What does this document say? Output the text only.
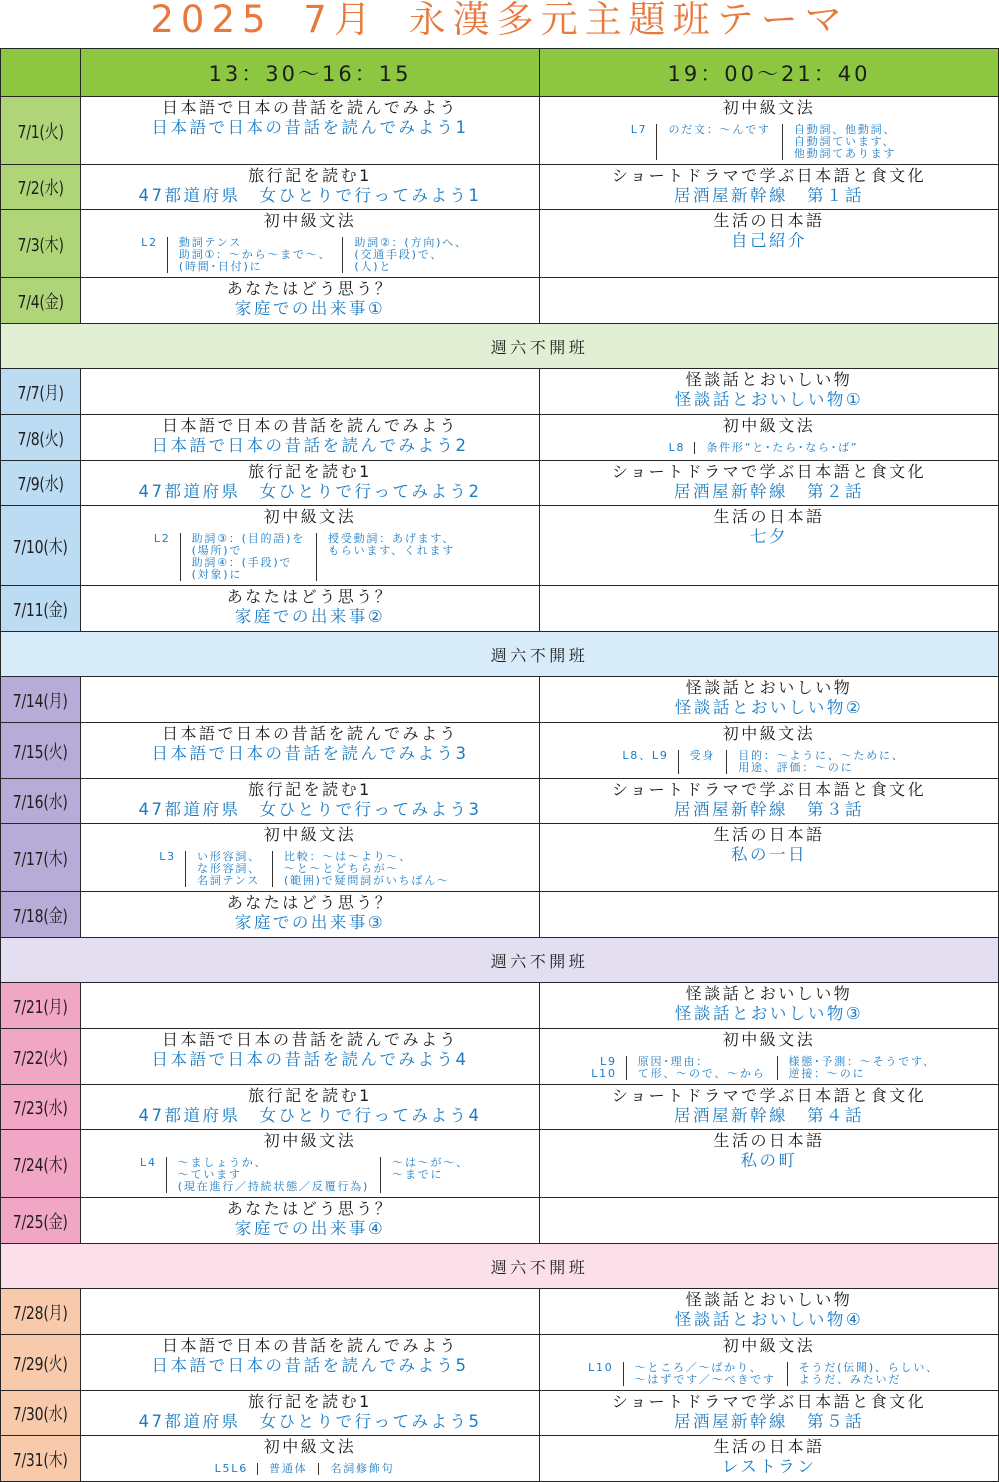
2025 7月 永漢多元主題班テーマ
13：30～16：15	19：00～21：40
7/1(火)
日本語で日本の昔話を読んでみよう
日本語で日本の昔話を読んでみよう1
初中級文法
L7 のだ文：～んです 自動詞、他動詞、
自動詞ています、
他動詞てあります
7/2(水)
旅行記を読む1
47都道府県　女ひとりで行ってみよう1
ショートドラマで学ぶ日本語と食文化
居酒屋新幹線　第１話
7/3(木)
初中級文法
L2 動詞テンス
助詞①：～から～まで～、
(時間･日付)に
助詞②：(方向)へ、
(交通手段)で、
(人)と
生活の日本語
自己紹介
7/4(金)
あなたはどう思う？
家庭での出来事①
週六不開班
7/7(月)
怪談話とおいしい物
怪談話とおいしい物①
7/8(火)
日本語で日本の昔話を読んでみよう
日本語で日本の昔話を読んでみよう2
初中級文法
L8 条件形“と･たら･なら･ば”
7/9(水)
旅行記を読む1
47都道府県　女ひとりで行ってみよう2
ショートドラマで学ぶ日本語と食文化
居酒屋新幹線　第２話
7/10(木)
初中級文法
L2 助詞③：(目的語)を
(場所)で
助詞④：(手段)で
(対象)に
授受動詞：あげます、
もらいます、くれます
生活の日本語
七夕
7/11(金)
あなたはどう思う？
家庭での出来事②
週六不開班
7/14(月)
怪談話とおいしい物
怪談話とおいしい物②
7/15(火)
日本語で日本の昔話を読んでみよう
日本語で日本の昔話を読んでみよう3
初中級文法
L8、L9 受身 目的：～ように、～ために、
用途、評価：～のに
7/16(水)
旅行記を読む1
47都道府県　女ひとりで行ってみよう3
ショートドラマで学ぶ日本語と食文化
居酒屋新幹線　第３話
7/17(木)
初中級文法
L3 い形容詞、
な形容詞、
名詞テンス
比較：～は～より～、
～と～とどちらが～
(範囲)で疑問詞がいちばん～
生活の日本語
私の一日
7/18(金)
あなたはどう思う？
家庭での出来事③
週六不開班
7/21(月)
怪談話とおいしい物
怪談話とおいしい物③
7/22(火)
日本語で日本の昔話を読んでみよう
日本語で日本の昔話を読んでみよう4
初中級文法
L9
L10
原因･理由：
て形、～ので、～から
様態･予測：～そうです、
逆接：～のに
7/23(水)
旅行記を読む1
47都道府県　女ひとりで行ってみよう4
ショートドラマで学ぶ日本語と食文化
居酒屋新幹線　第４話
7/24(木)
初中級文法
L4 ～ましょうか、
～ています
(現在進行／持続状態／反覆行為)
～は～が～、
～までに
生活の日本語
私の町
7/25(金)
あなたはどう思う？
家庭での出来事④
週六不開班
7/28(月)
怪談話とおいしい物
怪談話とおいしい物④
7/29(火)
日本語で日本の昔話を読んでみよう
日本語で日本の昔話を読んでみよう5
初中級文法
L10 ～ところ／～ばかり、
～はずです／～べきです
そうだ(伝聞)、らしい、
ようだ、みたいだ
7/30(水)
旅行記を読む1
47都道府県　女ひとりで行ってみよう5
ショートドラマで学ぶ日本語と食文化
居酒屋新幹線　第５話
7/31(木)
初中級文法
L5L6 普通体 名詞修飾句
生活の日本語
レストラン
